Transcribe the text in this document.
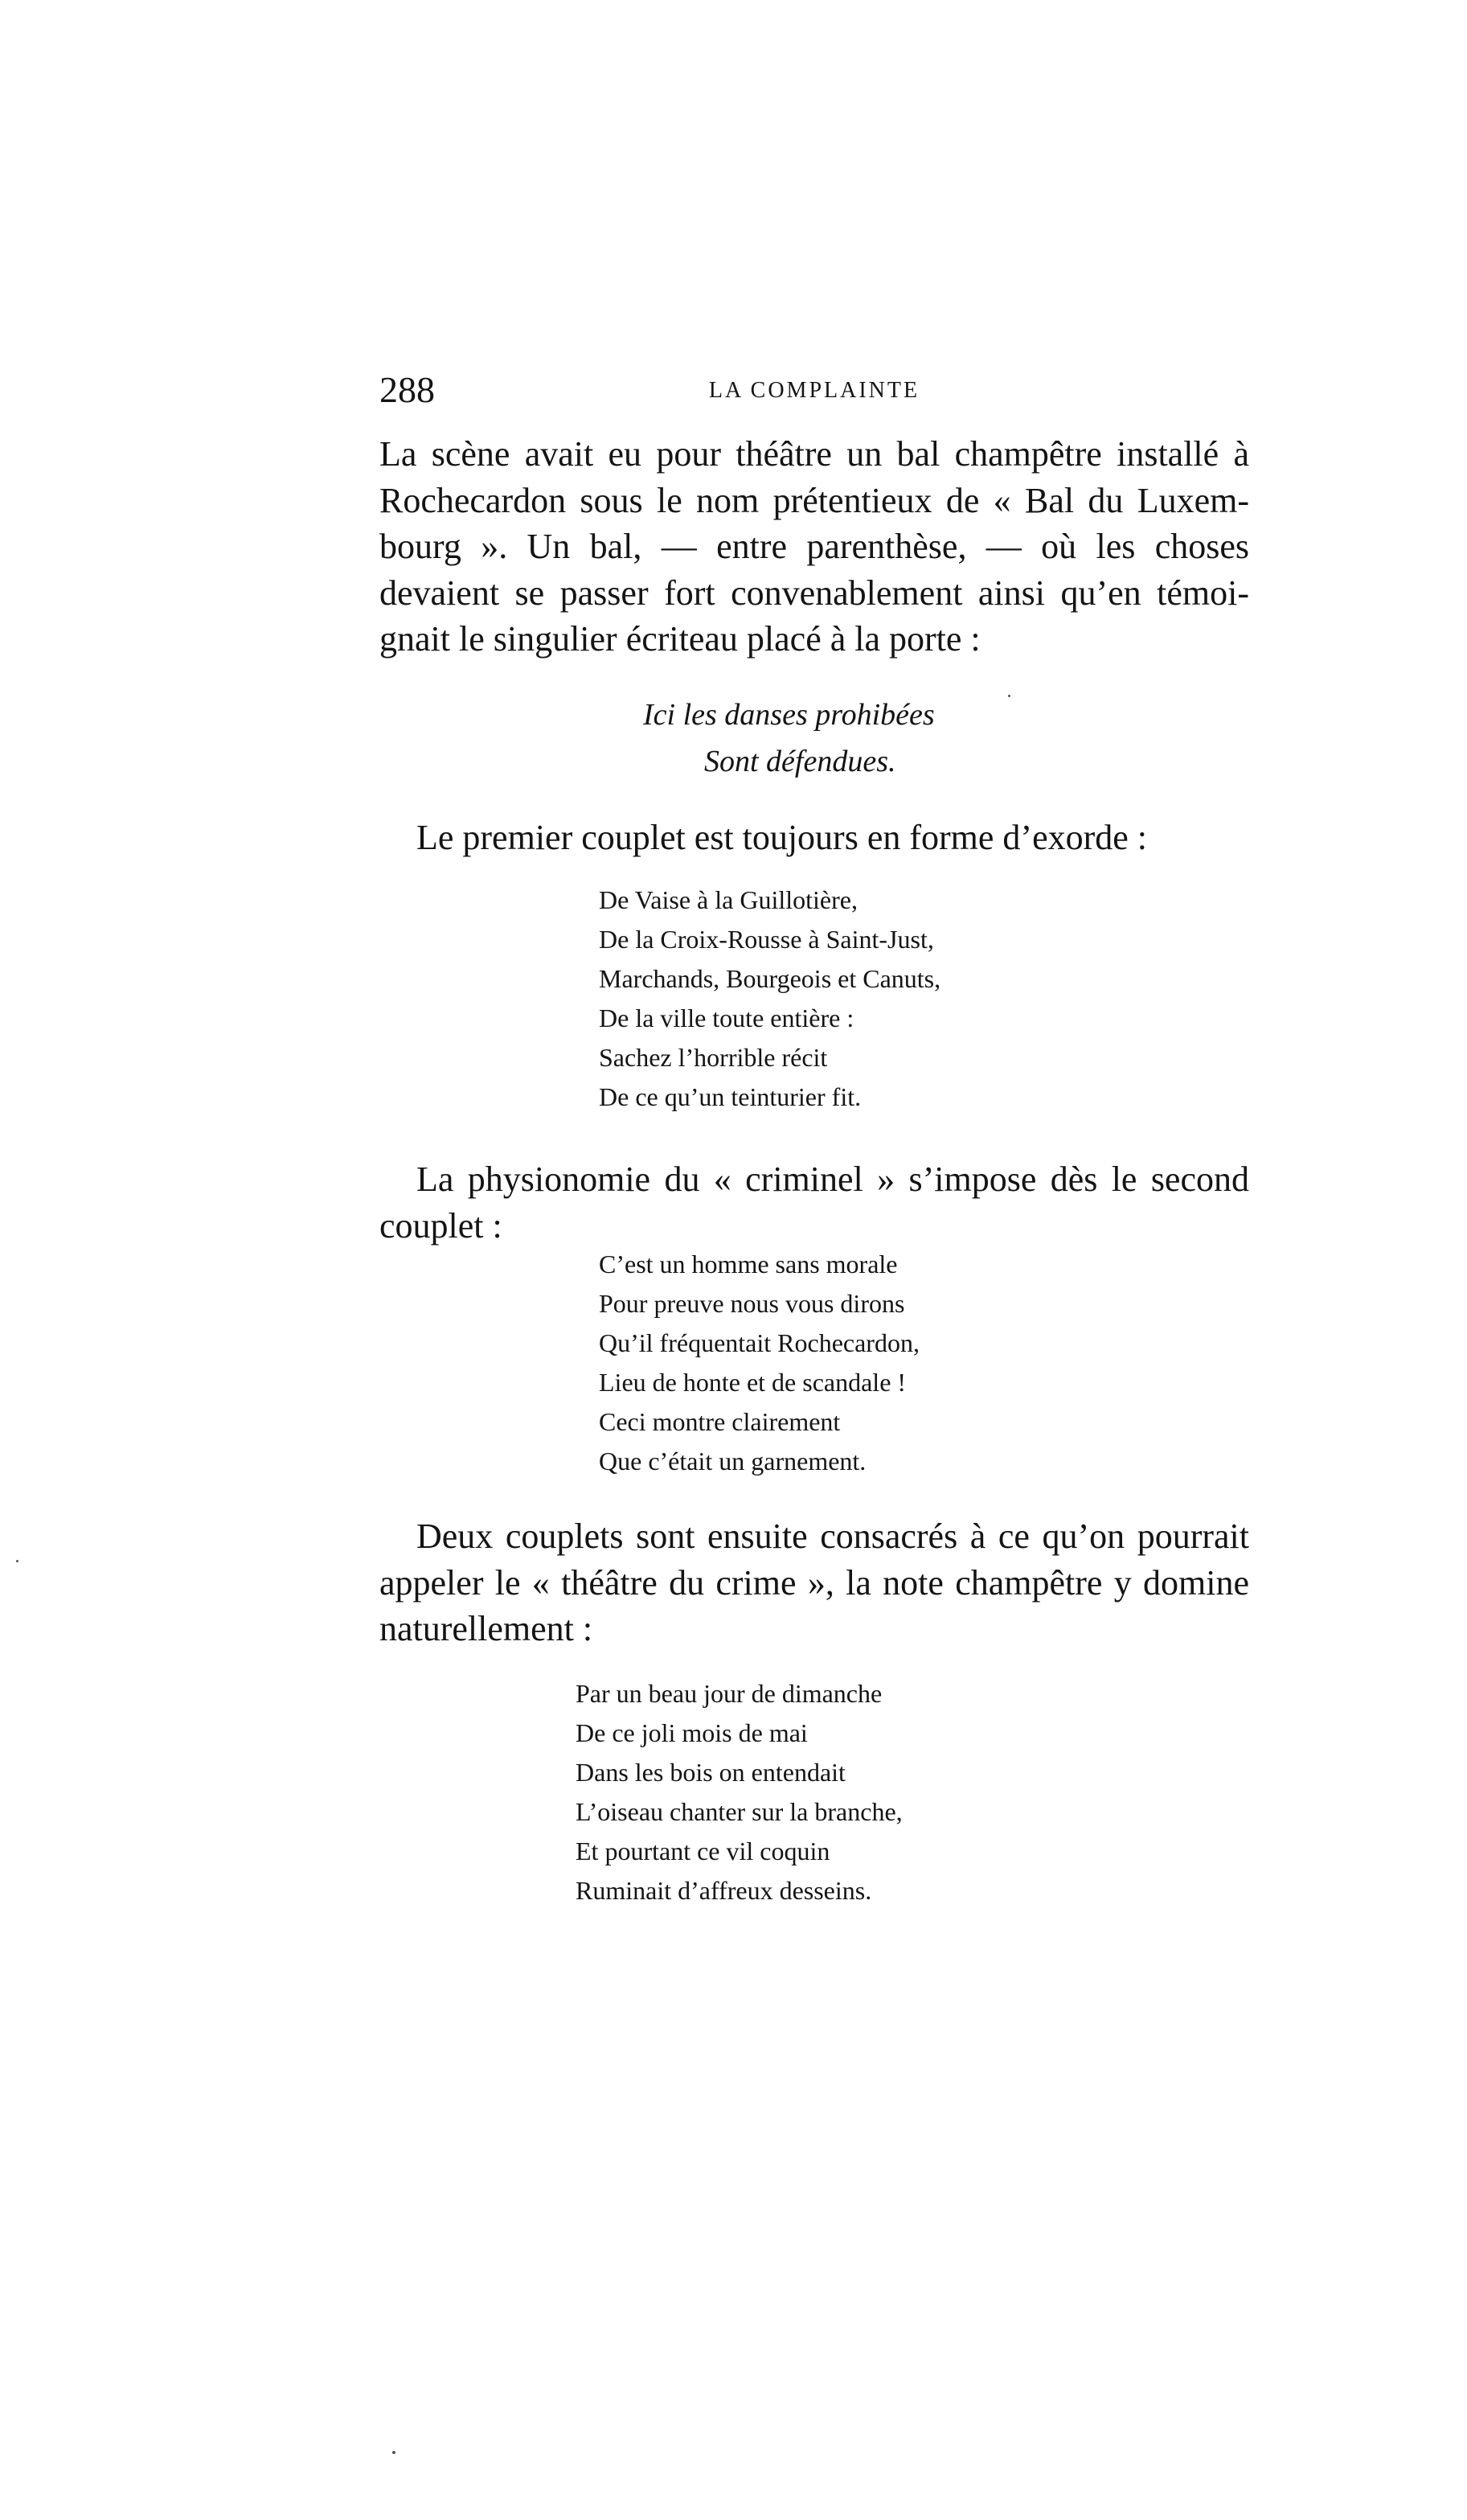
288	LA COMPLAINTE
La scène avait eu pour théâtre un bal champêtre installé à
Rochecardon sous le nom prétentieux de « Bal du Luxem-
bourg ». Un bal, — entre parenthèse, — où les choses
devaient se passer fort convenablement ainsi qu’en témoi-
gnait le singulier écriteau placé à la porte :
Ici les danses prohibées
Sont défendues.
Le premier couplet est toujours en forme d’exorde :
De Vaise à la Guillotière,
De la Croix-Rousse à Saint-Just,
Marchands, Bourgeois et Canuts,
De la ville toute entière :
Sachez l’horrible récit
De ce qu’un teinturier fit.
La physionomie du « criminel » s’impose dès le second
couplet :
C’est un homme sans morale
Pour preuve nous vous dirons
Qu’il fréquentait Rochecardon,
Lieu de honte et de scandale !
Ceci montre clairement
Que c’était un garnement.
Deux couplets sont ensuite consacrés à ce qu’on pourrait
appeler le « théâtre du crime », la note champêtre y domine
naturellement :
Par un beau jour de dimanche
De ce joli mois de mai
Dans les bois on entendait
L’oiseau chanter sur la branche,
Et pourtant ce vil coquin
Ruminait d’affreux desseins.
